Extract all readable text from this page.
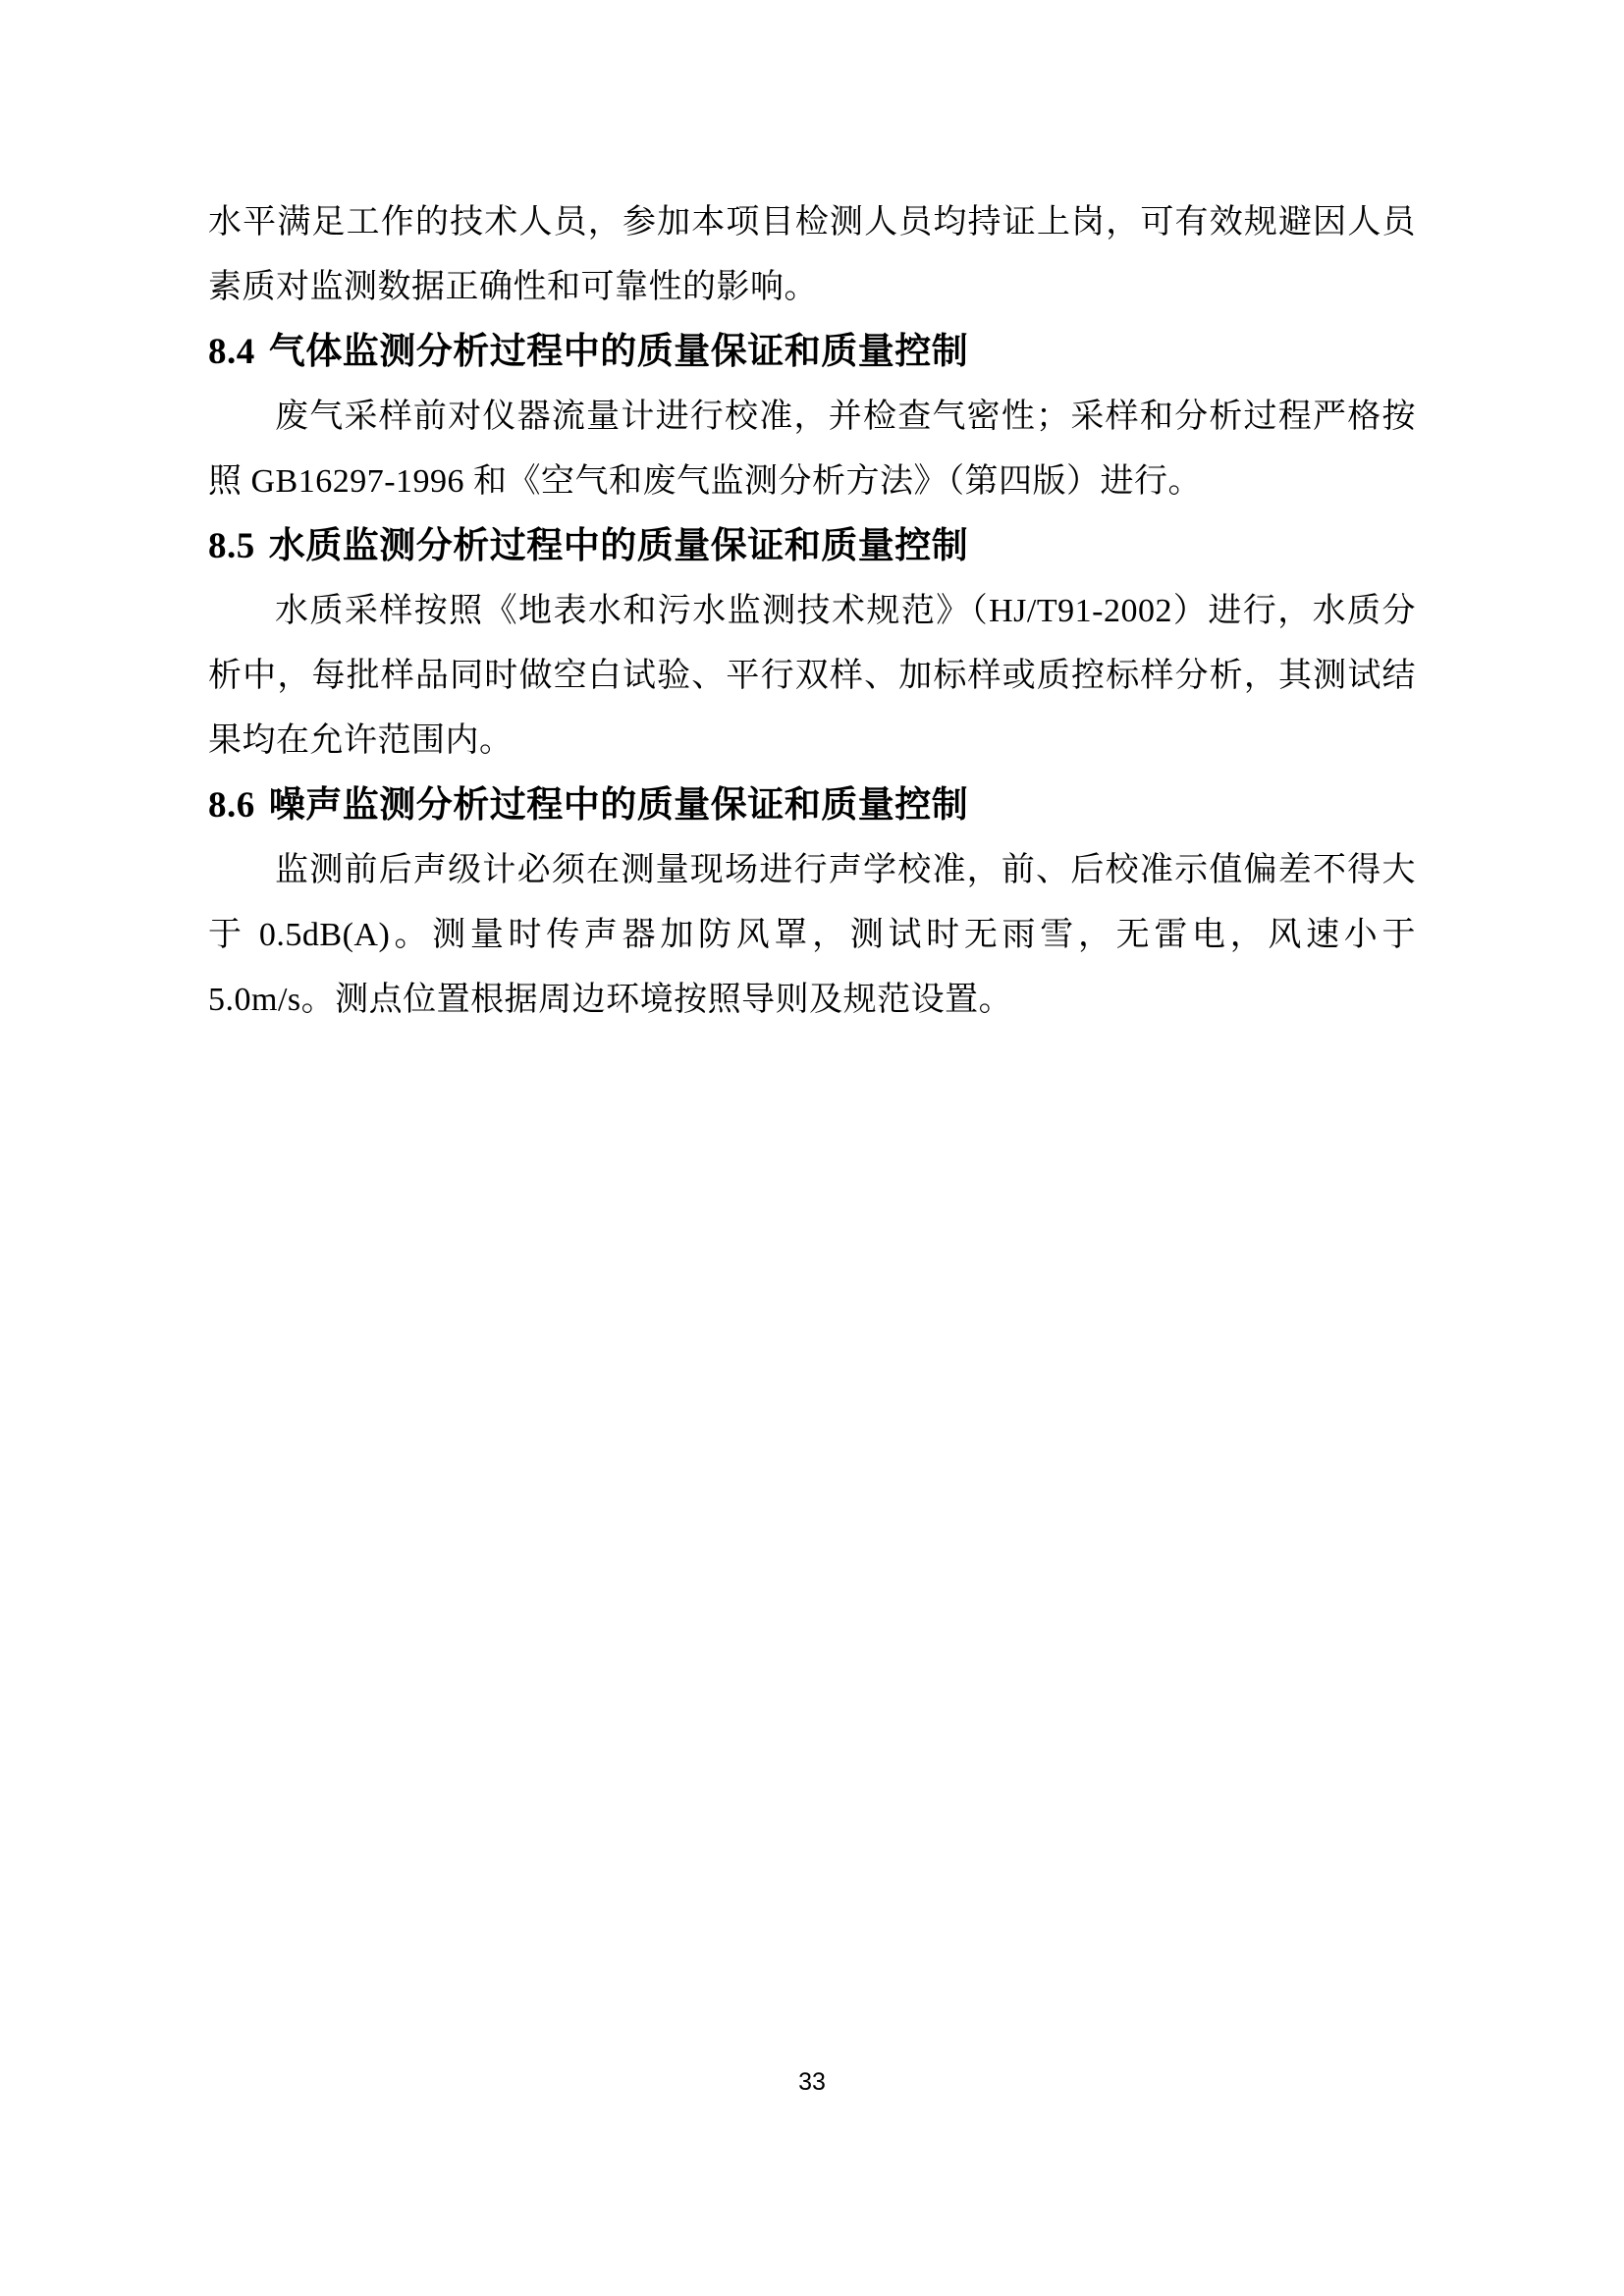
水平满足工作的技术人员，参加本项目检测人员均持证上岗，可有效规避因人员素质对监测数据正确性和可靠性的影响。

8.4 气体监测分析过程中的质量保证和质量控制

废气采样前对仪器流量计进行校准，并检查气密性；采样和分析过程严格按照 GB16297-1996 和《空气和废气监测分析方法》（第四版）进行。

8.5 水质监测分析过程中的质量保证和质量控制

水质采样按照《地表水和污水监测技术规范》（HJ/T91-2002）进行，水质分析中，每批样品同时做空白试验、平行双样、加标样或质控标样分析，其测试结果均在允许范围内。

8.6 噪声监测分析过程中的质量保证和质量控制

监测前后声级计必须在测量现场进行声学校准，前、后校准示值偏差不得大于 0.5dB(A)。测量时传声器加防风罩，测试时无雨雪，无雷电，风速小于 5.0m/s。测点位置根据周边环境按照导则及规范设置。

33
